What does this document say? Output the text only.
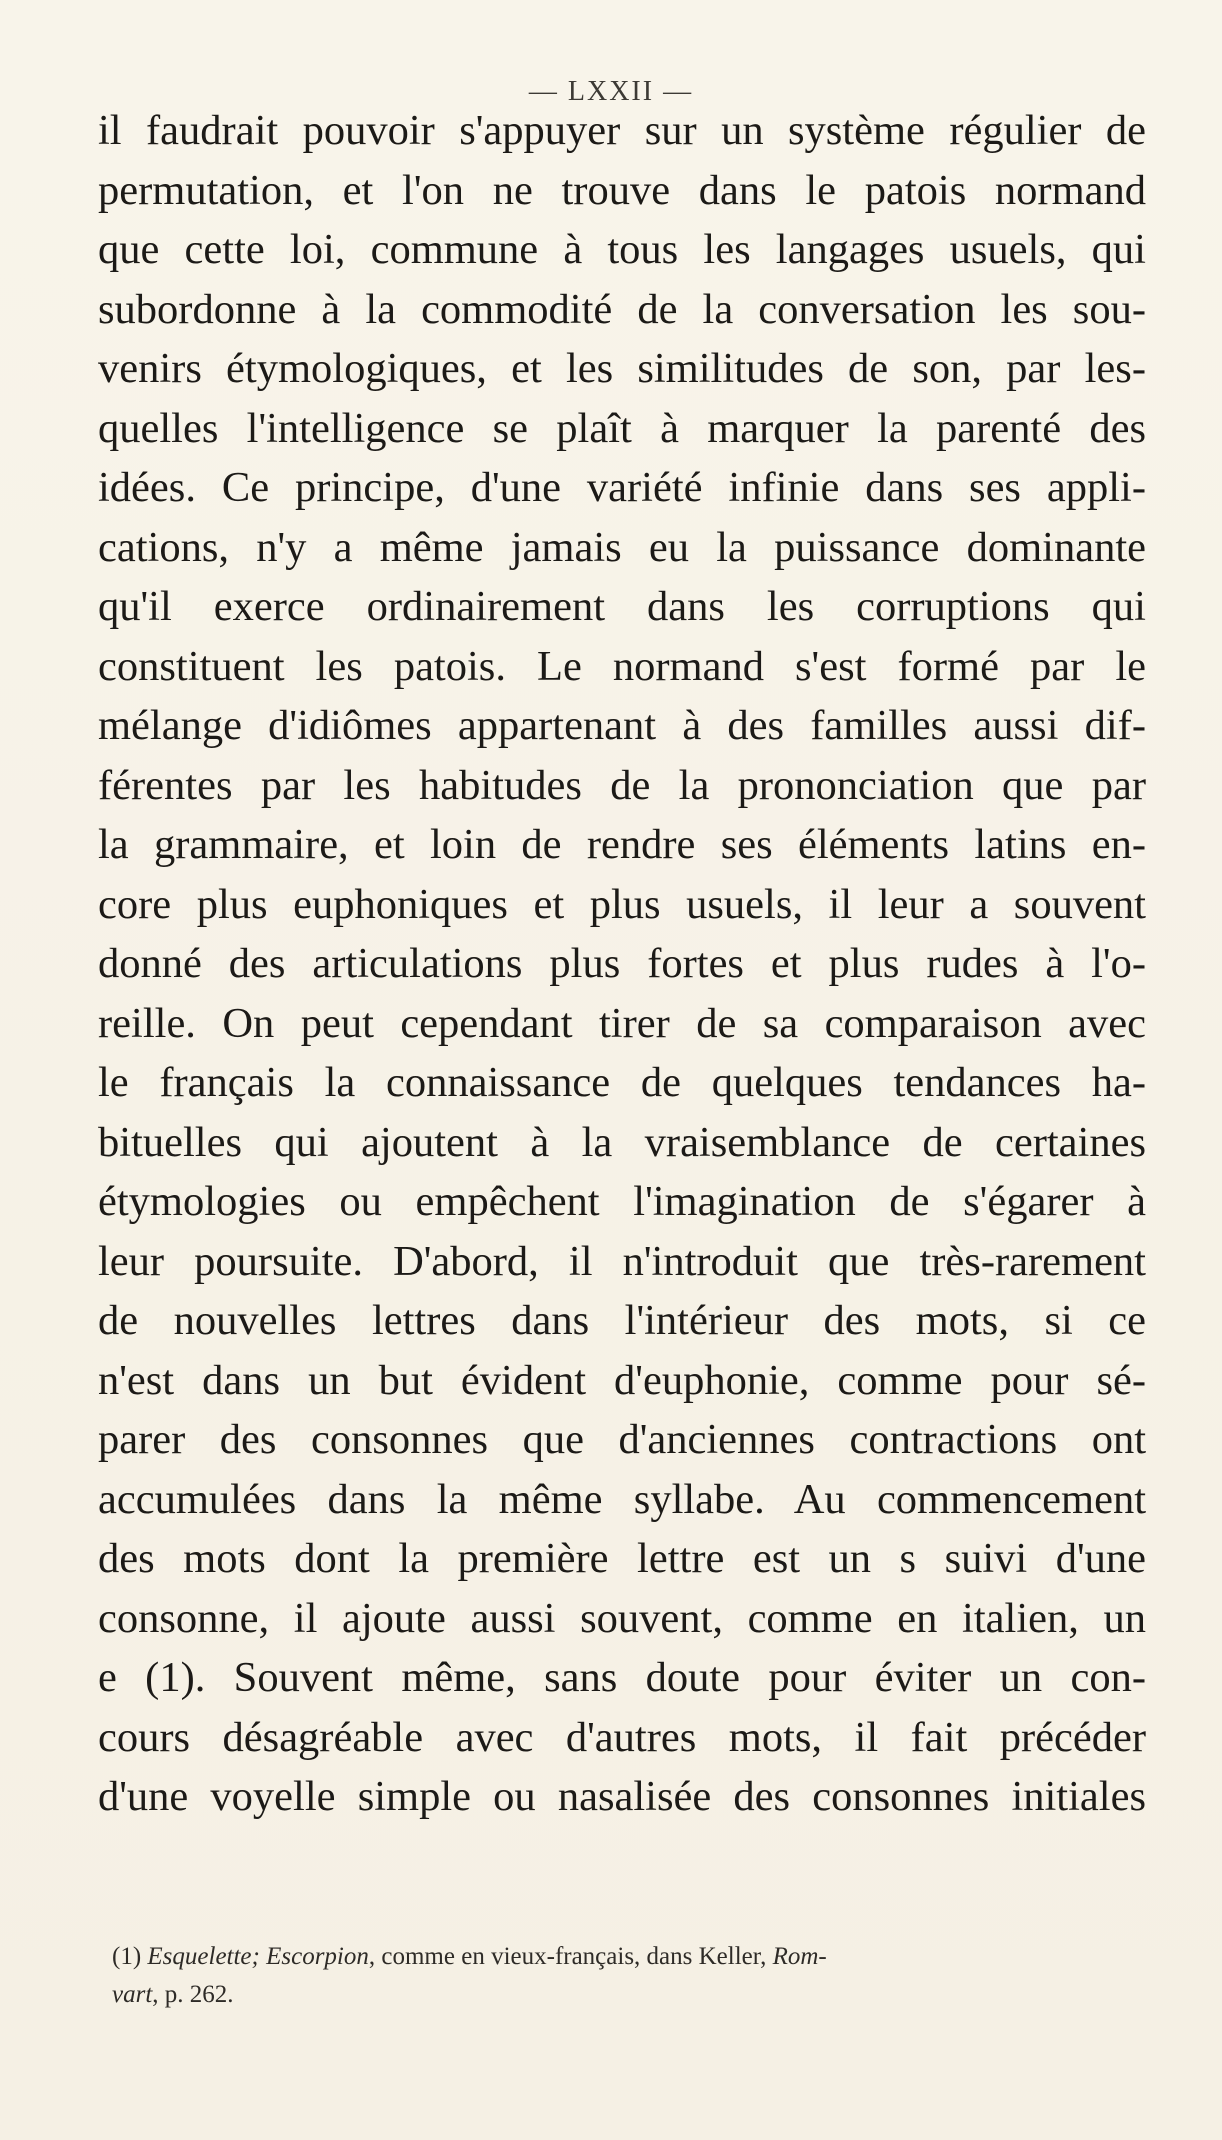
— LXXII —
il faudrait pouvoir s'appuyer sur un système régulier de
permutation, et l'on ne trouve dans le patois normand
que cette loi, commune à tous les langages usuels, qui
subordonne à la commodité de la conversation les sou-
venirs étymologiques, et les similitudes de son, par les-
quelles l'intelligence se plaît à marquer la parenté des
idées. Ce principe, d'une variété infinie dans ses appli-
cations, n'y a même jamais eu la puissance dominante
qu'il exerce ordinairement dans les corruptions qui
constituent les patois. Le normand s'est formé par le
mélange d'idiômes appartenant à des familles aussi dif-
férentes par les habitudes de la prononciation que par
la grammaire, et loin de rendre ses éléments latins en-
core plus euphoniques et plus usuels, il leur a souvent
donné des articulations plus fortes et plus rudes à l'o-
reille. On peut cependant tirer de sa comparaison avec
le français la connaissance de quelques tendances ha-
bituelles qui ajoutent à la vraisemblance de certaines
étymologies ou empêchent l'imagination de s'égarer à
leur poursuite. D'abord, il n'introduit que très-rarement
de nouvelles lettres dans l'intérieur des mots, si ce
n'est dans un but évident d'euphonie, comme pour sé-
parer des consonnes que d'anciennes contractions ont
accumulées dans la même syllabe. Au commencement
des mots dont la première lettre est un s suivi d'une
consonne, il ajoute aussi souvent, comme en italien, un
e (1). Souvent même, sans doute pour éviter un con-
cours désagréable avec d'autres mots, il fait précéder
d'une voyelle simple ou nasalisée des consonnes initiales
(1) Esquelette; Escorpion, comme en vieux-français, dans Keller, Rom-
vart, p. 262.
